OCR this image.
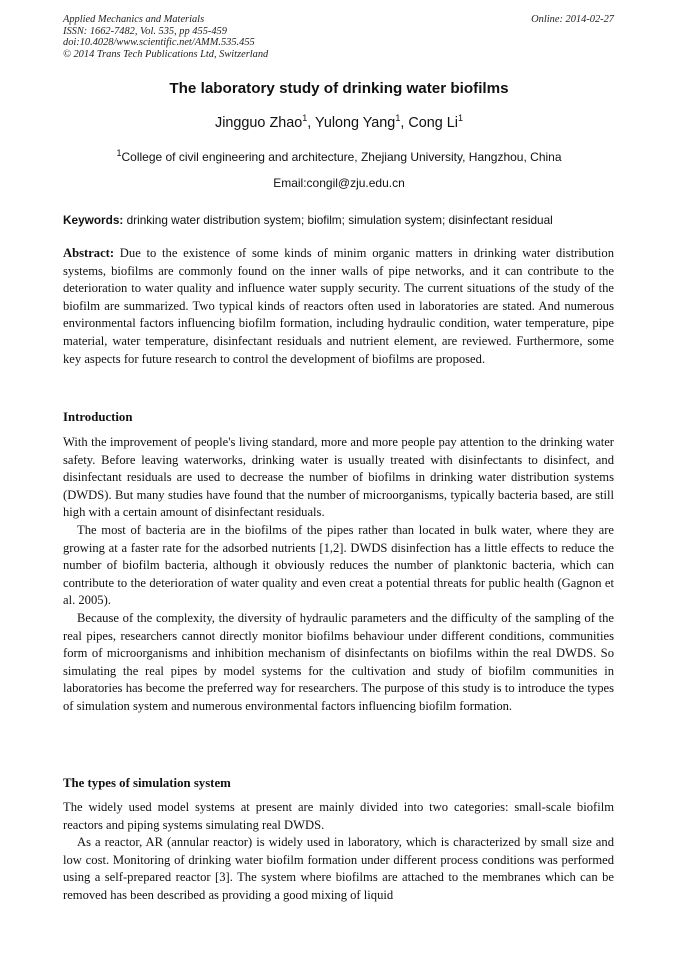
Applied Mechanics and Materials
ISSN: 1662-7482, Vol. 535, pp 455-459
doi:10.4028/www.scientific.net/AMM.535.455
© 2014 Trans Tech Publications Ltd, Switzerland
Online: 2014-02-27
The laboratory study of drinking water biofilms
Jingguo Zhao$^1$, Yulong Yang$^1$, Cong Li$^1$
$^1$College of civil engineering and architecture, Zhejiang University, Hangzhou, China
Email:congil@zju.edu.cn
Keywords: drinking water distribution system; biofilm; simulation system; disinfectant residual
Abstract: Due to the existence of some kinds of minim organic matters in drinking water distribution systems, biofilms are commonly found on the inner walls of pipe networks, and it can contribute to the deterioration to water quality and influence water supply security. The current situations of the study of the biofilm are summarized. Two typical kinds of reactors often used in laboratories are stated. And numerous environmental factors influencing biofilm formation, including hydraulic condition, water temperature, pipe material, water temperature, disinfectant residuals and nutrient element, are reviewed. Furthermore, some key aspects for future research to control the development of biofilms are proposed.
Introduction
With the improvement of people's living standard, more and more people pay attention to the drinking water safety. Before leaving waterworks, drinking water is usually treated with disinfectants to disinfect, and disinfectant residuals are used to decrease the number of biofilms in drinking water distribution systems (DWDS). But many studies have found that the number of microorganisms, typically bacteria based, are still high with a certain amount of disinfectant residuals.
The most of bacteria are in the biofilms of the pipes rather than located in bulk water, where they are growing at a faster rate for the adsorbed nutrients [1,2]. DWDS disinfection has a little effects to reduce the number of biofilm bacteria, although it obviously reduces the number of planktonic bacteria, which can contribute to the deterioration of water quality and even creat a potential threats for public health (Gagnon et al. 2005).
Because of the complexity, the diversity of hydraulic parameters and the difficulty of the sampling of the real pipes, researchers cannot directly monitor biofilms behaviour under different conditions, communities form of microorganisms and inhibition mechanism of disinfectants on biofilms within the real DWDS. So simulating the real pipes by model systems for the cultivation and study of biofilm communities in laboratories has become the preferred way for researchers. The purpose of this study is to introduce the types of simulation system and numerous environmental factors influencing biofilm formation.
The types of simulation system
The widely used model systems at present are mainly divided into two categories: small-scale biofilm reactors and piping systems simulating real DWDS.
As a reactor, AR (annular reactor) is widely used in laboratory, which is characterized by small size and low cost. Monitoring of drinking water biofilm formation under different process conditions was performed using a self-prepared reactor [3]. The system where biofilms are attached to the membranes which can be removed has been described as providing a good mixing of liquid
